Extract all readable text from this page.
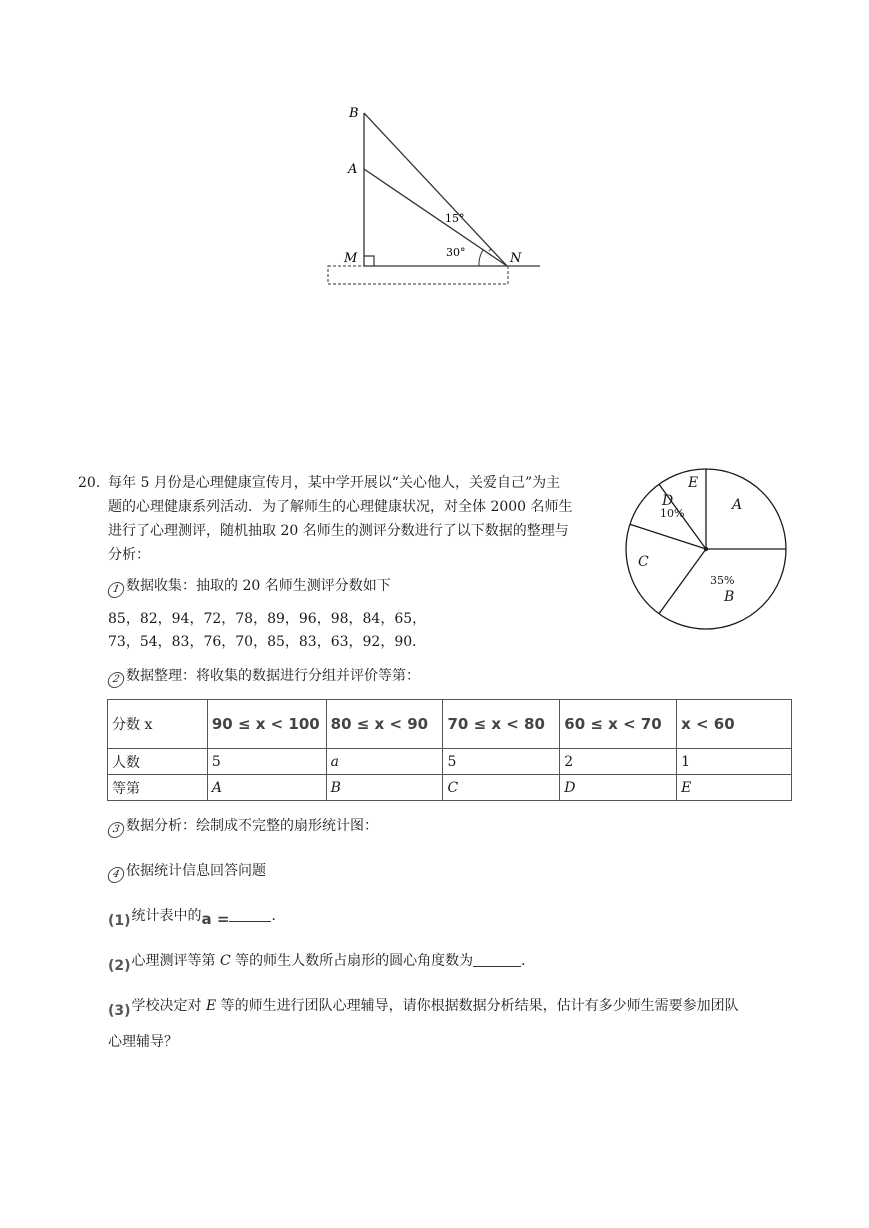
B
A
M	N
15°
30°
20. 每年 5 月份是心理健康宣传月，某中学开展以“关心他人，关爱自己”为主
题的心理健康系列活动．为了解师生的心理健康状况，对全体 2000 名师生
进行了心理测评，随机抽取 20 名师生的测评分数进行了以下数据的整理与
分析：
A
B
35%
C
D
10%
E
1 数据收集：抽取的 20 名师生测评分数如下
85，82，94，72，78，89，96，98，84，65，
73，54，83，76，70，85，83，63，92，90．
2 数据整理：将收集的数据进行分组并评价等第：
分数 x	90 ≤ x < 100	80 ≤ x < 90	70 ≤ x < 80	60 ≤ x < 70	x < 60
人数	5	a	5	2	1
等第	A	B	C	D	E
3 数据分析：绘制成不完整的扇形统计图：
4 依据统计信息回答问题
(1)统计表中的a =	．
(2)心理测评等第 C 等的师生人数所占扇形的圆心角度数为	．
(3)学校决定对 E 等的师生进行团队心理辅导，请你根据数据分析结果，估计有多少师生需要参加团队
心理辅导？
